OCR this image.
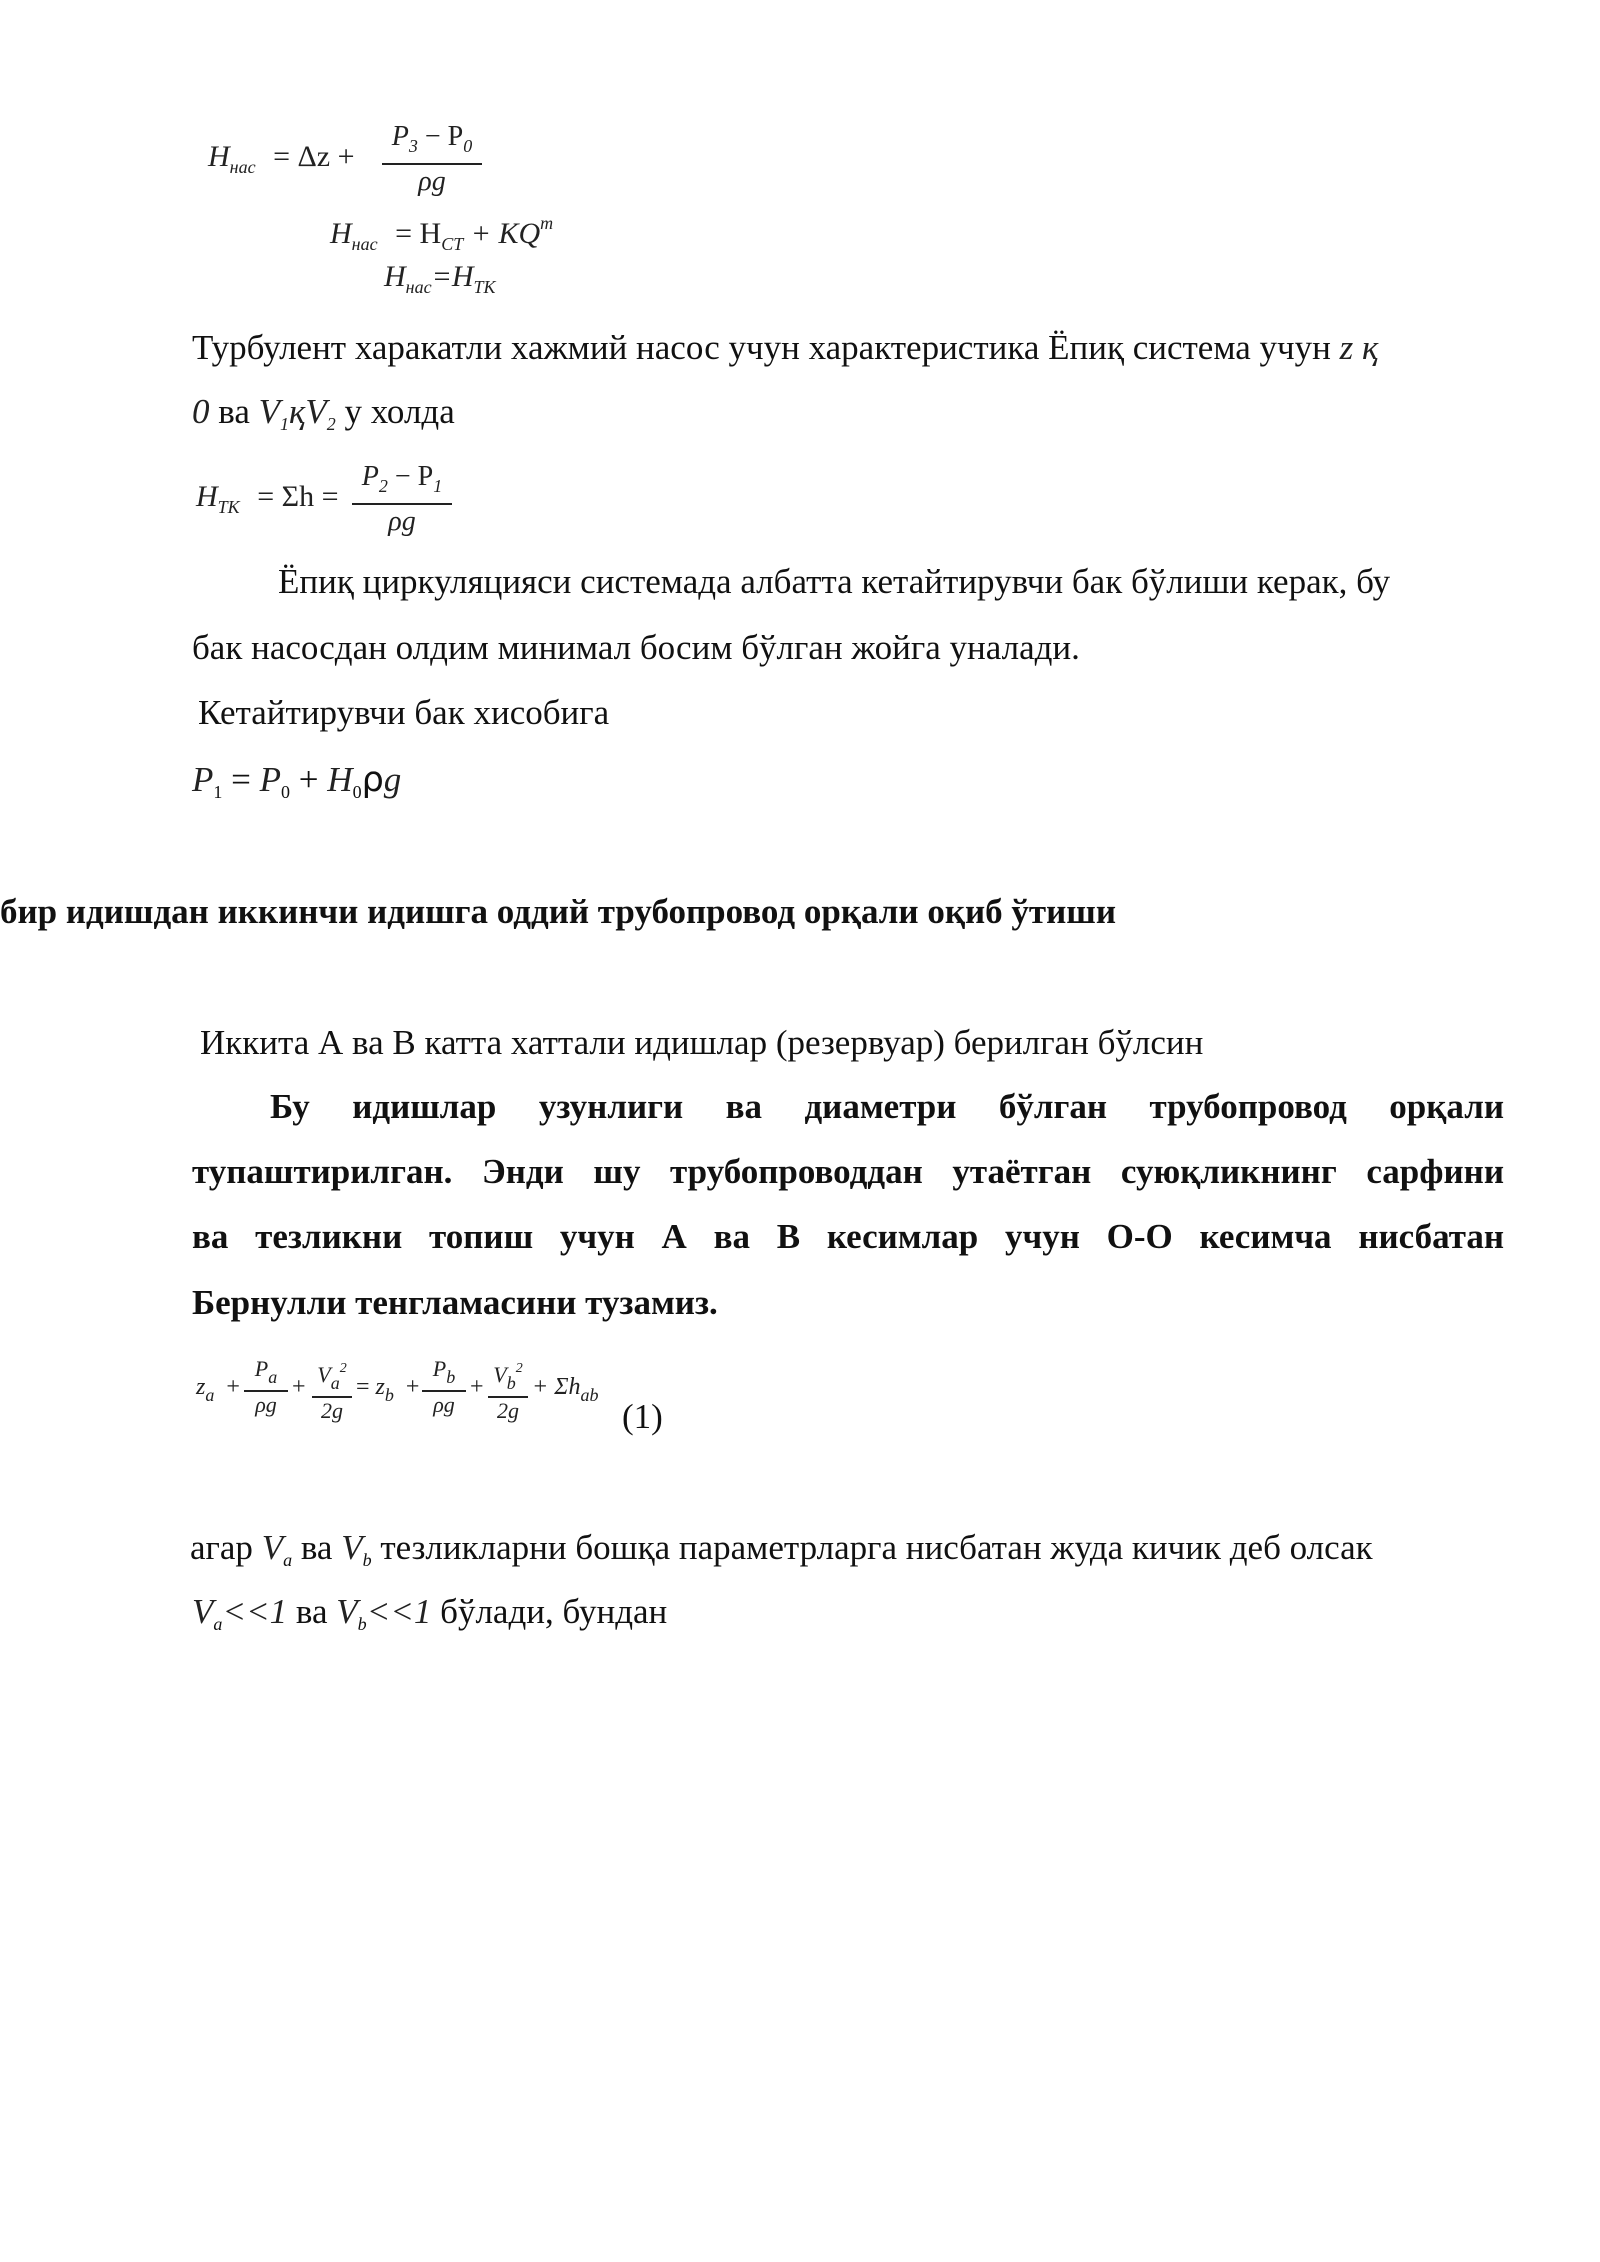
$H_{нас} = \Delta z$ +
$P_3 - P_0$
ρg
$H_{нас} = H_{CT} + KQ^m$
$H_{нас}=H_{TK}$
Турбулент харакатли хажмий насос учун характеристика Ёпиқ система учун z қ
0 ва $V_1қV_2$ у холда
$H_{TK} = \Sigma h$ =
$P_2 - P_1$
ρg
Ёпиқ циркуляцияси системада албатта кетайтирувчи бак бўлиши керак, бу
бак насосдан олдим минимал босим бўлган жойга уналади.
Кетайтирувчи бак хисобига
$P_1 = P_0 + H_0\rho g$
бир идишдан иккинчи идишга оддий трубопровод орқали оқиб ўтиши
Иккита А ва В катта хаттали идишлар (резервуар) берилган бўлсин
Бу идишлар узунлиги ва диаметри бўлган трубопровод орқали
тупаштирилган. Энди шу трубопроводдан утаётган суюқликнинг сарфини
ва тезликни топиш учун А ва В кесимлар учун О-О кесимча нисбатан
Бернулли тенгламасини тузамиз.
$z_a$ +
$P_a$
ρg
+ $V_a^2$
2g
= $z_b$ +
$P_b$
ρg
+ $V_b^2$
2g
+ $\Sigma h_{ab}$
(1)
агар $V_a$ ва $V_b$ тезликларни бошқа параметрларга нисбатан жуда кичик деб олсак
$V_a<<1$ ва $V_b<<1$ бўлади, бундан
